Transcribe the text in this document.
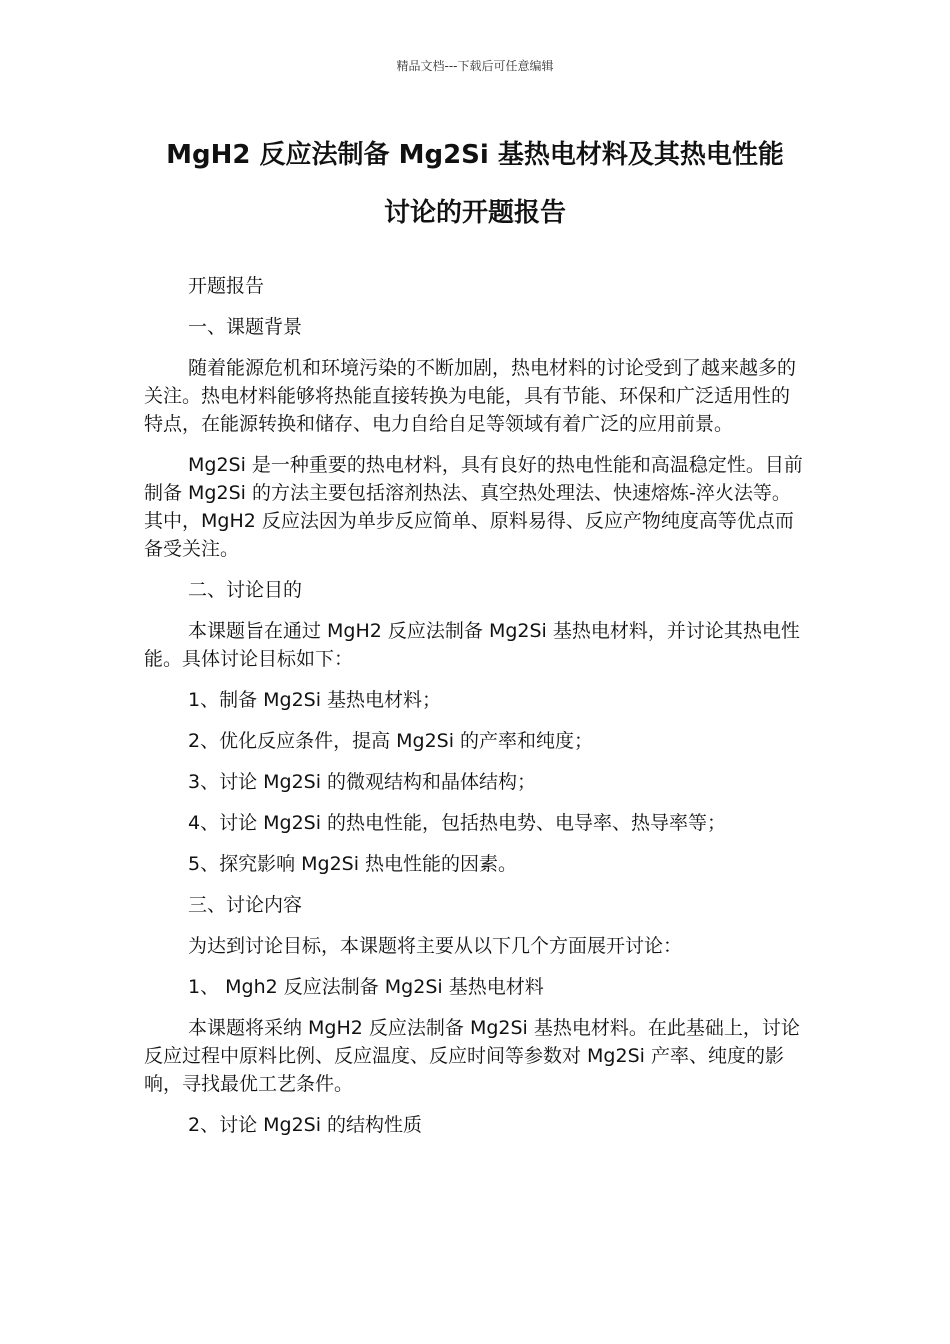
精品文档---下载后可任意编辑
MgH2 反应法制备 Mg2Si 基热电材料及其热电性能
讨论的开题报告

开题报告

一、课题背景

随着能源危机和环境污染的不断加剧，热电材料的讨论受到了越来越多的关注。热电材料能够将热能直接转换为电能，具有节能、环保和广泛适用性的特点，在能源转换和储存、电力自给自足等领域有着广泛的应用前景。

Mg2Si 是一种重要的热电材料，具有良好的热电性能和高温稳定性。目前制备 Mg2Si 的方法主要包括溶剂热法、真空热处理法、快速熔炼-淬火法等。其中，MgH2 反应法因为单步反应简单、原料易得、反应产物纯度高等优点而备受关注。

二、讨论目的

本课题旨在通过 MgH2 反应法制备 Mg2Si 基热电材料，并讨论其热电性能。具体讨论目标如下：

1、制备 Mg2Si 基热电材料；

2、优化反应条件，提高 Mg2Si 的产率和纯度；

3、讨论 Mg2Si 的微观结构和晶体结构；

4、讨论 Mg2Si 的热电性能，包括热电势、电导率、热导率等；

5、探究影响 Mg2Si 热电性能的因素。

三、讨论内容

为达到讨论目标，本课题将主要从以下几个方面展开讨论：

1、 Mgh2 反应法制备 Mg2Si 基热电材料

本课题将采纳 MgH2 反应法制备 Mg2Si 基热电材料。在此基础上，讨论反应过程中原料比例、反应温度、反应时间等参数对 Mg2Si 产率、纯度的影响，寻找最优工艺条件。

2、讨论 Mg2Si 的结构性质
